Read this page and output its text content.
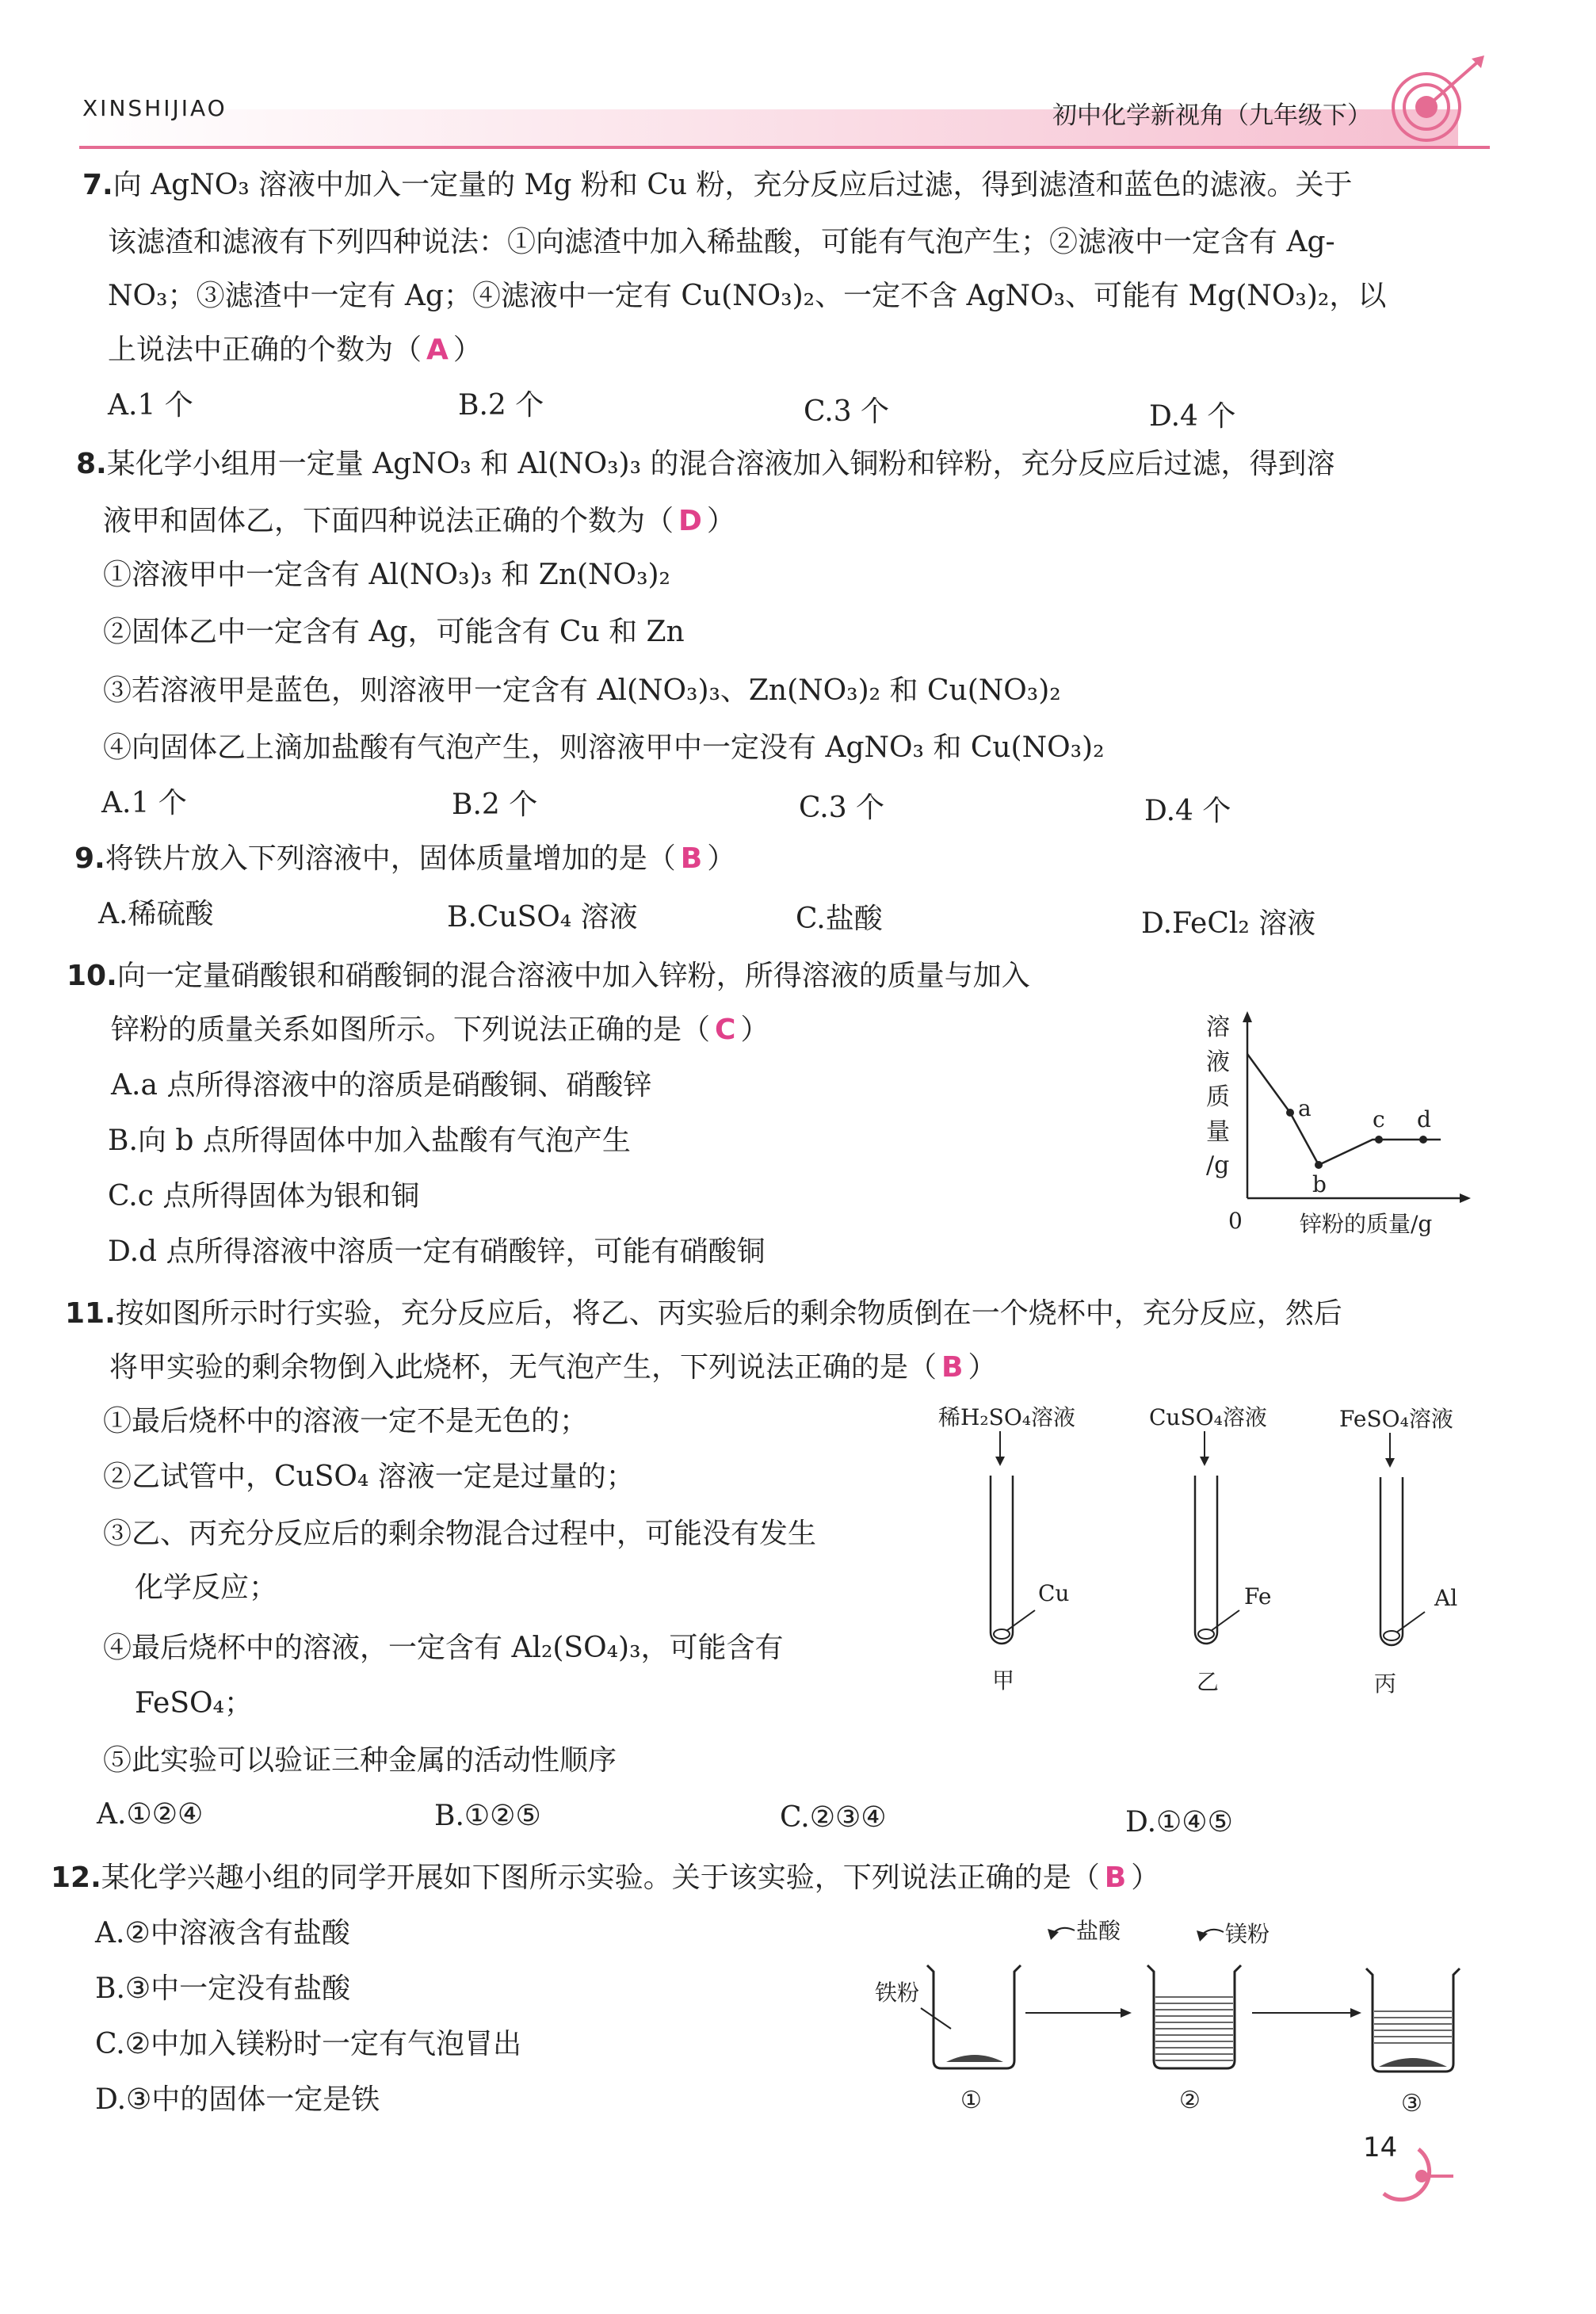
XINSHIJIAO	初中化学新视角（九年级下）
7.向 AgNO₃ 溶液中加入一定量的 Mg 粉和 Cu 粉，充分反应后过滤，得到滤渣和蓝色的滤液。关于
该滤渣和滤液有下列四种说法：①向滤渣中加入稀盐酸，可能有气泡产生；②滤液中一定含有 Ag-
NO₃；③滤渣中一定有 Ag；④滤液中一定有 Cu(NO₃)₂、一定不含 AgNO₃、可能有 Mg(NO₃)₂，以
上说法中正确的个数为（ A ）
A.1 个	B.2 个	C.3 个	D.4 个
8.某化学小组用一定量 AgNO₃ 和 Al(NO₃)₃ 的混合溶液加入铜粉和锌粉，充分反应后过滤，得到溶
液甲和固体乙，下面四种说法正确的个数为（ D ）
①溶液甲中一定含有 Al(NO₃)₃ 和 Zn(NO₃)₂
②固体乙中一定含有 Ag，可能含有 Cu 和 Zn
③若溶液甲是蓝色，则溶液甲一定含有 Al(NO₃)₃、Zn(NO₃)₂ 和 Cu(NO₃)₂
④向固体乙上滴加盐酸有气泡产生，则溶液甲中一定没有 AgNO₃ 和 Cu(NO₃)₂
A.1 个	B.2 个	C.3 个	D.4 个
9.将铁片放入下列溶液中，固体质量增加的是（ B ）
A.稀硫酸	B.CuSO₄ 溶液	C.盐酸	D.FeCl₂ 溶液
10.向一定量硝酸银和硝酸铜的混合溶液中加入锌粉，所得溶液的质量与加入
锌粉的质量关系如图所示。下列说法正确的是（ C ）
A.a 点所得溶液中的溶质是硝酸铜、硝酸锌
B.向 b 点所得固体中加入盐酸有气泡产生
C.c 点所得固体为银和铜
D.d 点所得溶液中溶质一定有硝酸锌，可能有硝酸铜
溶
液
质
量
/g
a
b
c d
0	锌粉的质量/g
11.按如图所示时行实验，充分反应后，将乙、丙实验后的剩余物质倒在一个烧杯中，充分反应，然后
将甲实验的剩余物倒入此烧杯，无气泡产生，下列说法正确的是（ B ）
①最后烧杯中的溶液一定不是无色的；
②乙试管中，CuSO₄ 溶液一定是过量的；
③乙、丙充分反应后的剩余物混合过程中，可能没有发生
化学反应；
④最后烧杯中的溶液，一定含有 Al₂(SO₄)₃，可能含有
FeSO₄；
⑤此实验可以验证三种金属的活动性顺序
A.①②④	B.①②⑤	C.②③④	D.①④⑤
稀H₂SO₄溶液
Cu
甲
CuSO₄溶液
Fe
乙
FeSO₄溶液
Al
丙
12.某化学兴趣小组的同学开展如下图所示实验。关于该实验，下列说法正确的是（ B ）
A.②中溶液含有盐酸
B.③中一定没有盐酸
C.②中加入镁粉时一定有气泡冒出
D.③中的固体一定是铁
铁粉
①
盐酸
②
镁粉
③
14
